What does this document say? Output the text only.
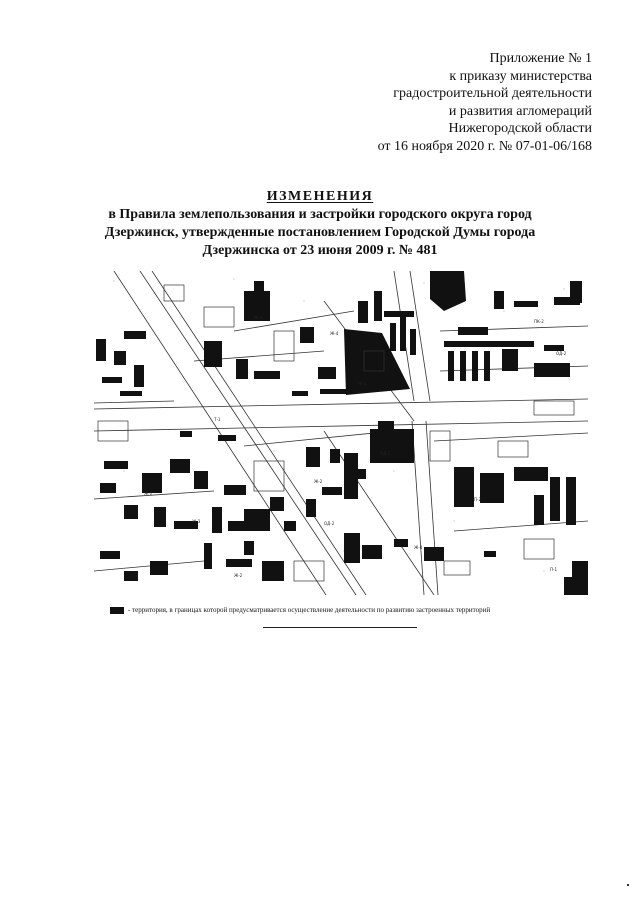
Приложение № 1
к приказу министерства
градостроительной деятельности
и развития агломераций
Нижегородской области
от 16 ноября 2020 г. № 07-01-06/168
ИЗМЕНЕНИЯ
в Правила землепользования и застройки городского округа город
Дзержинск, утвержденные постановлением Городской Думы города
Дзержинска от 23 июня 2009 г. № 481
Ж-4
Ж-4
Ж-4
ПК-2
ОД-2
Т-1
ОД-1
Ж-2
Ж-2
Ж-3
Ж-4
П-2
ОД-2
Ж-2
П-1
- территория, в границах которой предусматривается осуществление деятельности по развитию застроенных территорий
